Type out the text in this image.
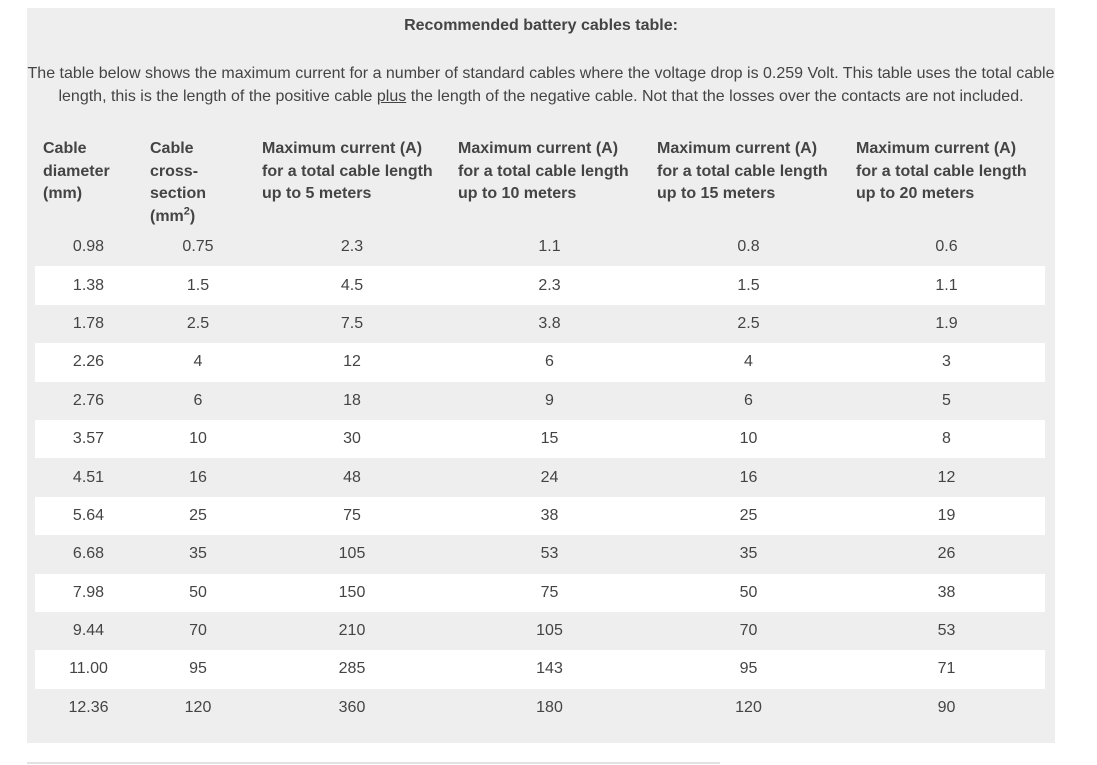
Recommended battery cables table:
The table below shows the maximum current for a number of standard cables where the voltage drop is 0.259 Volt. This table uses the total cable length, this is the length of the positive cable plus the length of the negative cable. Not that the losses over the contacts are not included.
Cable diameter (mm)	Cable cross-section $(mm^2)$	Maximum current (A) for a total cable length up to 5 meters	Maximum current (A) for a total cable length up to 10 meters	Maximum current (A) for a total cable length up to 15 meters	Maximum current (A) for a total cable length up to 20 meters
0.98	0.75	2.3	1.1	0.8	0.6
1.38	1.5	4.5	2.3	1.5	1.1
1.78	2.5	7.5	3.8	2.5	1.9
2.26	4	12	6	4	3
2.76	6	18	9	6	5
3.57	10	30	15	10	8
4.51	16	48	24	16	12
5.64	25	75	38	25	19
6.68	35	105	53	35	26
7.98	50	150	75	50	38
9.44	70	210	105	70	53
11.00	95	285	143	95	71
12.36	120	360	180	120	90
